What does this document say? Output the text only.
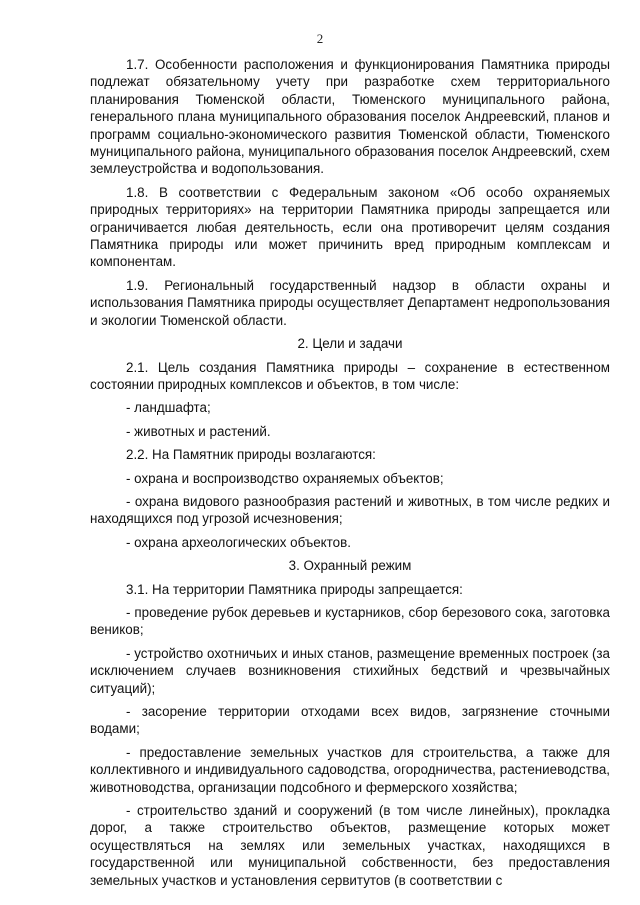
2

1.7. Особенности расположения и функционирования Памятника природы подлежат обязательному учету при разработке схем территориального планирования Тюменской области, Тюменского муниципального района, генерального плана муниципального образования поселок Андреевский, планов и программ социально-экономического развития Тюменской области, Тюменского муниципального района, муниципального образования поселок Андреевский, схем землеустройства и водопользования.

1.8. В соответствии с Федеральным законом «Об особо охраняемых природных территориях» на территории Памятника природы запрещается или ограничивается любая деятельность, если она противоречит целям создания Памятника природы или может причинить вред природным комплексам и компонентам.

1.9. Региональный государственный надзор в области охраны и использования Памятника природы осуществляет Департамент недропользования и экологии Тюменской области.

2. Цели и задачи

2.1. Цель создания Памятника природы – сохранение в естественном состоянии природных комплексов и объектов, в том числе:

- ландшафта;

- животных и растений.

2.2. На Памятник природы возлагаются:

- охрана и воспроизводство охраняемых объектов;

- охрана видового разнообразия растений и животных, в том числе редких и находящихся под угрозой исчезновения;

- охрана археологических объектов.

3. Охранный режим

3.1. На территории Памятника природы запрещается:

- проведение рубок деревьев и кустарников, сбор березового сока, заготовка веников;

- устройство охотничьих и иных станов, размещение временных построек (за исключением случаев возникновения стихийных бедствий и чрезвычайных ситуаций);

- засорение территории отходами всех видов, загрязнение сточными водами;

- предоставление земельных участков для строительства, а также для коллективного и индивидуального садоводства, огородничества, растениеводства, животноводства, организации подсобного и фермерского хозяйства;

- строительство зданий и сооружений (в том числе линейных), прокладка дорог, а также строительство объектов, размещение которых может осуществляться на землях или земельных участках, находящихся в государственной или муниципальной собственности, без предоставления земельных участков и установления сервитутов (в соответствии с
